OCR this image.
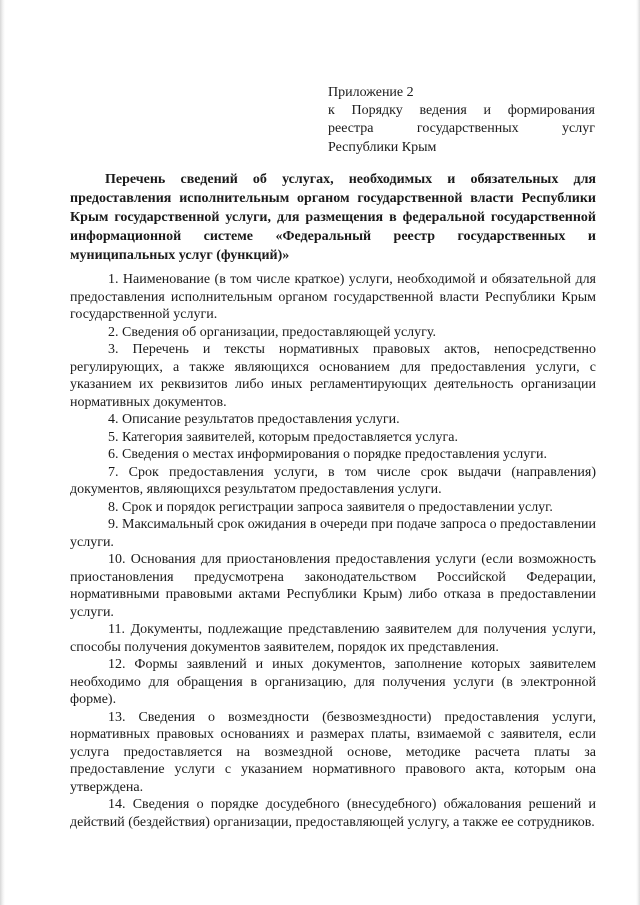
Приложение 2
к Порядку ведения и формирования
реестра государственных услуг
Республики Крым
Перечень сведений об услугах, необходимых и обязательных для предоставления исполнительным органом государственной власти Республики Крым государственной услуги, для размещения в федеральной государственной информационной системе «Федеральный реестр государственных и муниципальных услуг (функций)»

1. Наименование (в том числе краткое) услуги, необходимой и обязательной для предоставления исполнительным органом государственной власти Республики Крым государственной услуги.

2. Сведения об организации, предоставляющей услугу.

3. Перечень и тексты нормативных правовых актов, непосредственно регулирующих, а также являющихся основанием для предоставления услуги, с указанием их реквизитов либо иных регламентирующих деятельность организации нормативных документов.

4. Описание результатов предоставления услуги.

5. Категория заявителей, которым предоставляется услуга.

6. Сведения о местах информирования о порядке предоставления услуги.

7. Срок предоставления услуги, в том числе срок выдачи (направления) документов, являющихся результатом предоставления услуги.

8. Срок и порядок регистрации запроса заявителя о предоставлении услуг.

9. Максимальный срок ожидания в очереди при подаче запроса о предоставлении услуги.

10. Основания для приостановления предоставления услуги (если возможность приостановления предусмотрена законодательством Российской Федерации, нормативными правовыми актами Республики Крым) либо отказа в предоставлении услуги.

11. Документы, подлежащие представлению заявителем для получения услуги, способы получения документов заявителем, порядок их представления.

12. Формы заявлений и иных документов, заполнение которых заявителем необходимо для обращения в организацию, для получения услуги (в электронной форме).

13. Сведения о возмездности (безвозмездности) предоставления услуги, нормативных правовых основаниях и размерах платы, взимаемой с заявителя, если услуга предоставляется на возмездной основе, методике расчета платы за предоставление услуги с указанием нормативного правового акта, которым она утверждена.

14. Сведения о порядке досудебного (внесудебного) обжалования решений и действий (бездействия) организации, предоставляющей услугу, а также ее сотрудников.
